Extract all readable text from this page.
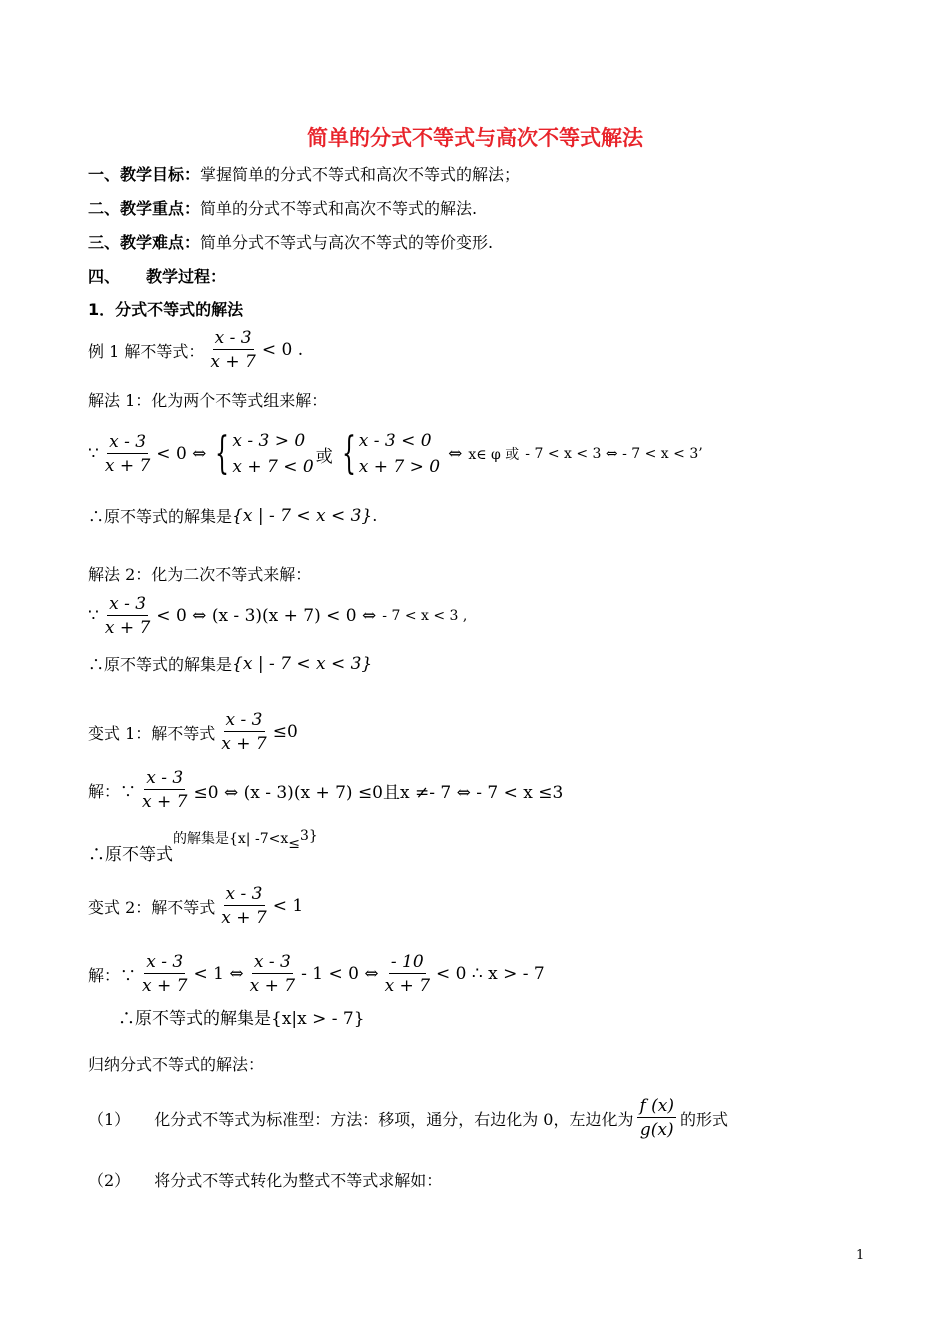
简单的分式不等式与高次不等式解法
一、教学目标： 掌握简单的分式不等式和高次不等式的解法；
二、教学重点： 简单的分式不等式和高次不等式的解法.
三、教学难点： 简单分式不等式与高次不等式的等价变形.
四、 教学过程：
1．分式不等式的解法
例 1 解不等式： $\frac{x - 3}{x + 7} < 0$ .
解法 1：化为两个不等式组来解：
∵ $\frac{x - 3}{x + 7} < 0$ ⇔ { x - 3 > 0
x + 7 < 0
或 { x - 3 < 0
x + 7 > 0
⇔ x∈ φ 或 - 7 < x < 3 ⇔ - 7 < x < 3’
∴原不等式的解集是 {x | - 7 < x < 3} .
解法 2：化为二次不等式来解：
∵ $\frac{x - 3}{x + 7} < 0$ ⇔ (x - 3)(x + 7) < 0 ⇔ - 7 < x < 3 ,
∴原不等式的解集是 {x | - 7 < x < 3}
变式 1：解不等式 $\frac{x - 3}{x + 7} \le 0$
解：∵ $\frac{x - 3}{x + 7} \le 0$ ⇔ (x - 3)(x + 7) ≤0且x ≠- 7 ⇔ - 7 < x ≤3
∴原不等式
的解集是{x| -7<x ≤ 3}
变式 2：解不等式 $\frac{x - 3}{x + 7} < 1$
解：∵ $\frac{x - 3}{x + 7} < 1$ ⇔ $\frac{x - 3}{x + 7} - 1 < 0$ ⇔ $\frac{- 10}{x + 7} < 0$ ∴ x > - 7
∴原不等式的解集是{x|x > - 7}
归纳分式不等式的解法：
（1） 化分式不等式为标准型：方法：移项，通分，右边化为 0，左边化为 $\frac{f (x)}{g(x)}$ 的形式
（2） 将分式不等式转化为整式不等式求解如：
1
